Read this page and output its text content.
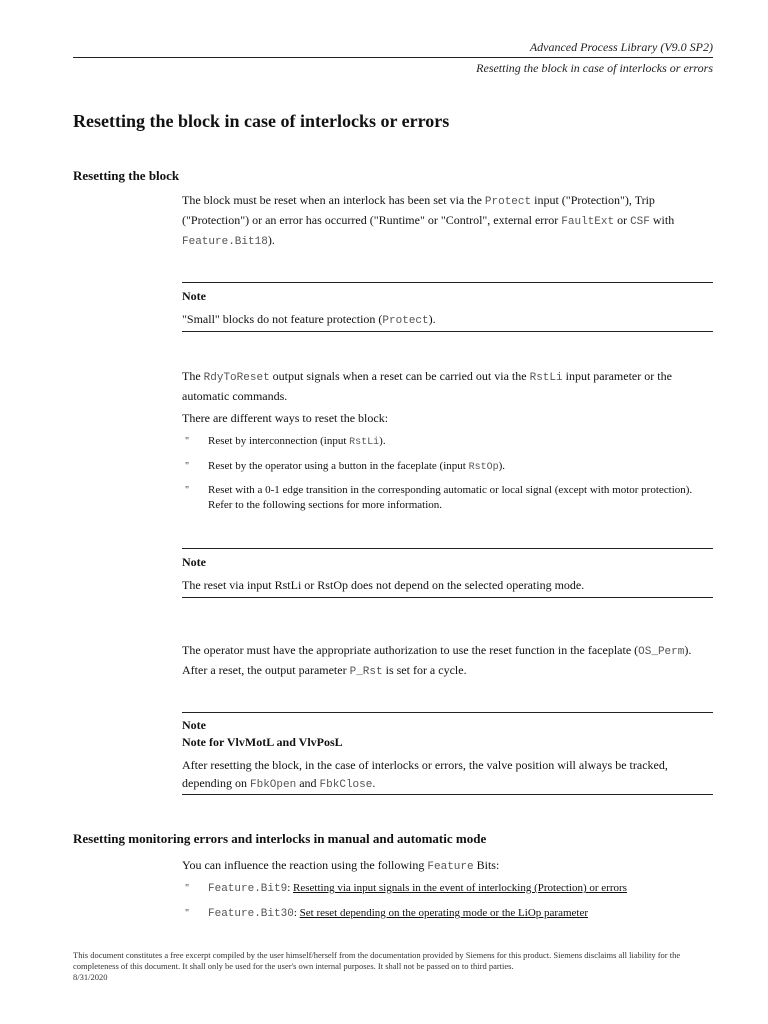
Advanced Process Library (V9.0 SP2)
Resetting the block in case of interlocks or errors
Resetting the block in case of interlocks or errors
Resetting the block

The block must be reset when an interlock has been set via the Protect input ("Protection"), Trip ("Protection") or an error has occurred ("Runtime" or "Control", external error FaultExt or CSF with Feature.Bit18).

Note
"Small" blocks do not feature protection (Protect).

The RdyToReset output signals when a reset can be carried out via the RstLi input parameter or the automatic commands.

There are different ways to reset the block:

" Reset by interconnection (input RstLi).
" Reset by the operator using a button in the faceplate (input RstOp).
" Reset with a 0-1 edge transition in the corresponding automatic or local signal (except with motor protection). Refer to the following sections for more information.
Note
The reset via input RstLi or RstOp does not depend on the selected operating mode.

The operator must have the appropriate authorization to use the reset function in the faceplate (OS_Perm). After a reset, the output parameter P_Rst is set for a cycle.

Note
Note for VlvMotL and VlvPosL
After resetting the block, in the case of interlocks or errors, the valve position will always be tracked, depending on FbkOpen and FbkClose.
Resetting monitoring errors and interlocks in manual and automatic mode

You can influence the reaction using the following Feature Bits:

" Feature.Bit9: Resetting via input signals in the event of interlocking (Protection) or errors
" Feature.Bit30: Set reset depending on the operating mode or the LiOp parameter
This document constitutes a free excerpt compiled by the user himself/herself from the documentation provided by Siemens for this product. Siemens disclaims all liability for the completeness of this document. It shall only be used for the user's own internal purposes. It shall not be passed on to third parties.
8/31/2020
